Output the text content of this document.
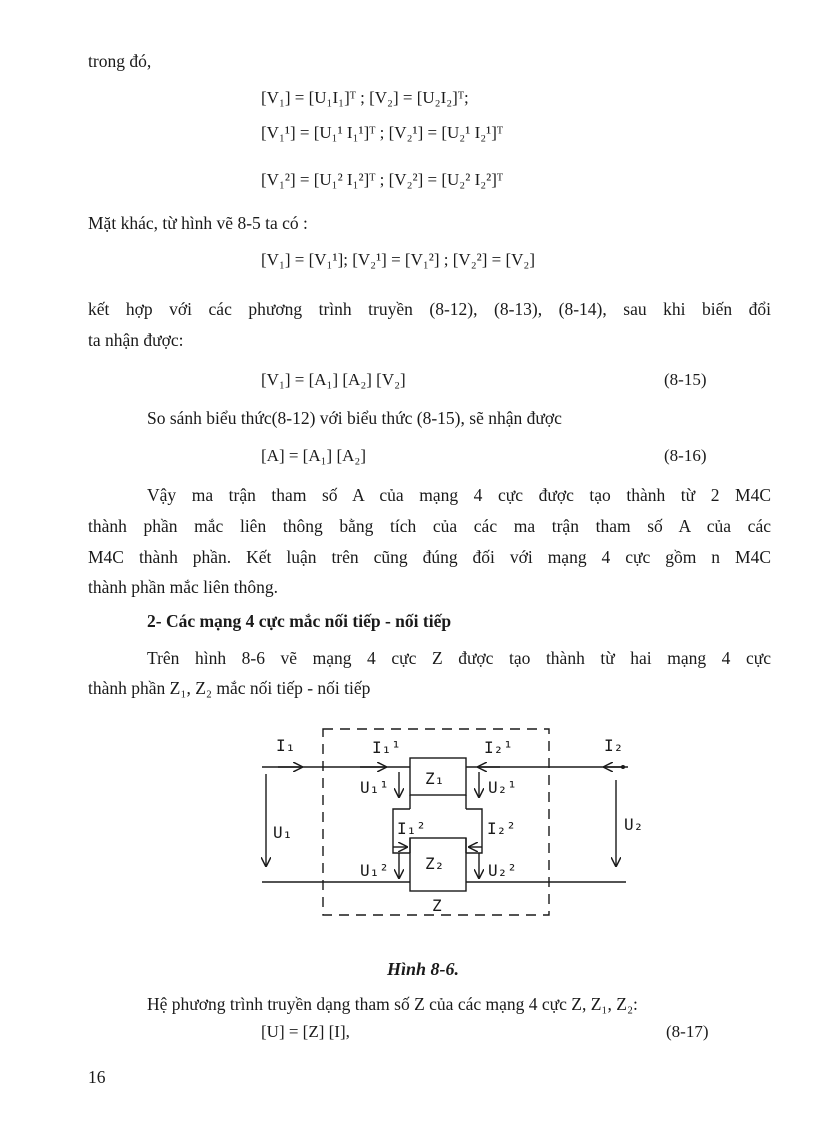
trong đó,
[V₁] = [U₁I₁]ᵀ ; [V₂] = [U₂I₂]ᵀ;
[V₁¹] = [U₁¹ I₁¹]ᵀ ; [V₂¹] = [U₂¹ I₂¹]ᵀ
[V₁²] = [U₁² I₁²]ᵀ ; [V₂²] = [U₂² I₂²]ᵀ
Mặt khác, từ hình vẽ 8-5 ta có :
[V₁] = [V₁¹]; [V₂¹] = [V₁²] ; [V₂²] = [V₂]
kết hợp với các phương trình truyền (8-12), (8-13), (8-14), sau khi biến đổi
ta nhận được:
[V₁] = [A₁] [A₂] [V₂]	(8-15)
So sánh biểu thức(8-12) với biểu thức (8-15), sẽ nhận được
[A] = [A₁] [A₂]	(8-16)
Vậy ma trận tham số A của mạng 4 cực được tạo thành từ 2 M4C
thành phần mắc liên thông bằng tích của các ma trận tham số A của các
M4C thành phần. Kết luận trên cũng đúng đối với mạng 4 cực gồm n M4C
thành phần mắc liên thông.
2- Các mạng 4 cực mắc nối tiếp - nối tiếp
Trên hình 8-6 vẽ mạng 4 cực Z được tạo thành từ hai mạng 4 cực
thành phần Z₁, Z₂ mắc nối tiếp - nối tiếp
I₁	I₁¹	I₂¹	I₂
U₁¹	U₂¹
Z₁
I₁²	I₂²
U₁	U₂
U₁²	U₂²
Z₂
Z
Hình 8-6.
Hệ phương trình truyền dạng tham số Z của các mạng 4 cực Z, Z₁, Z₂:
[U] = [Z] [I],	(8-17)
16
